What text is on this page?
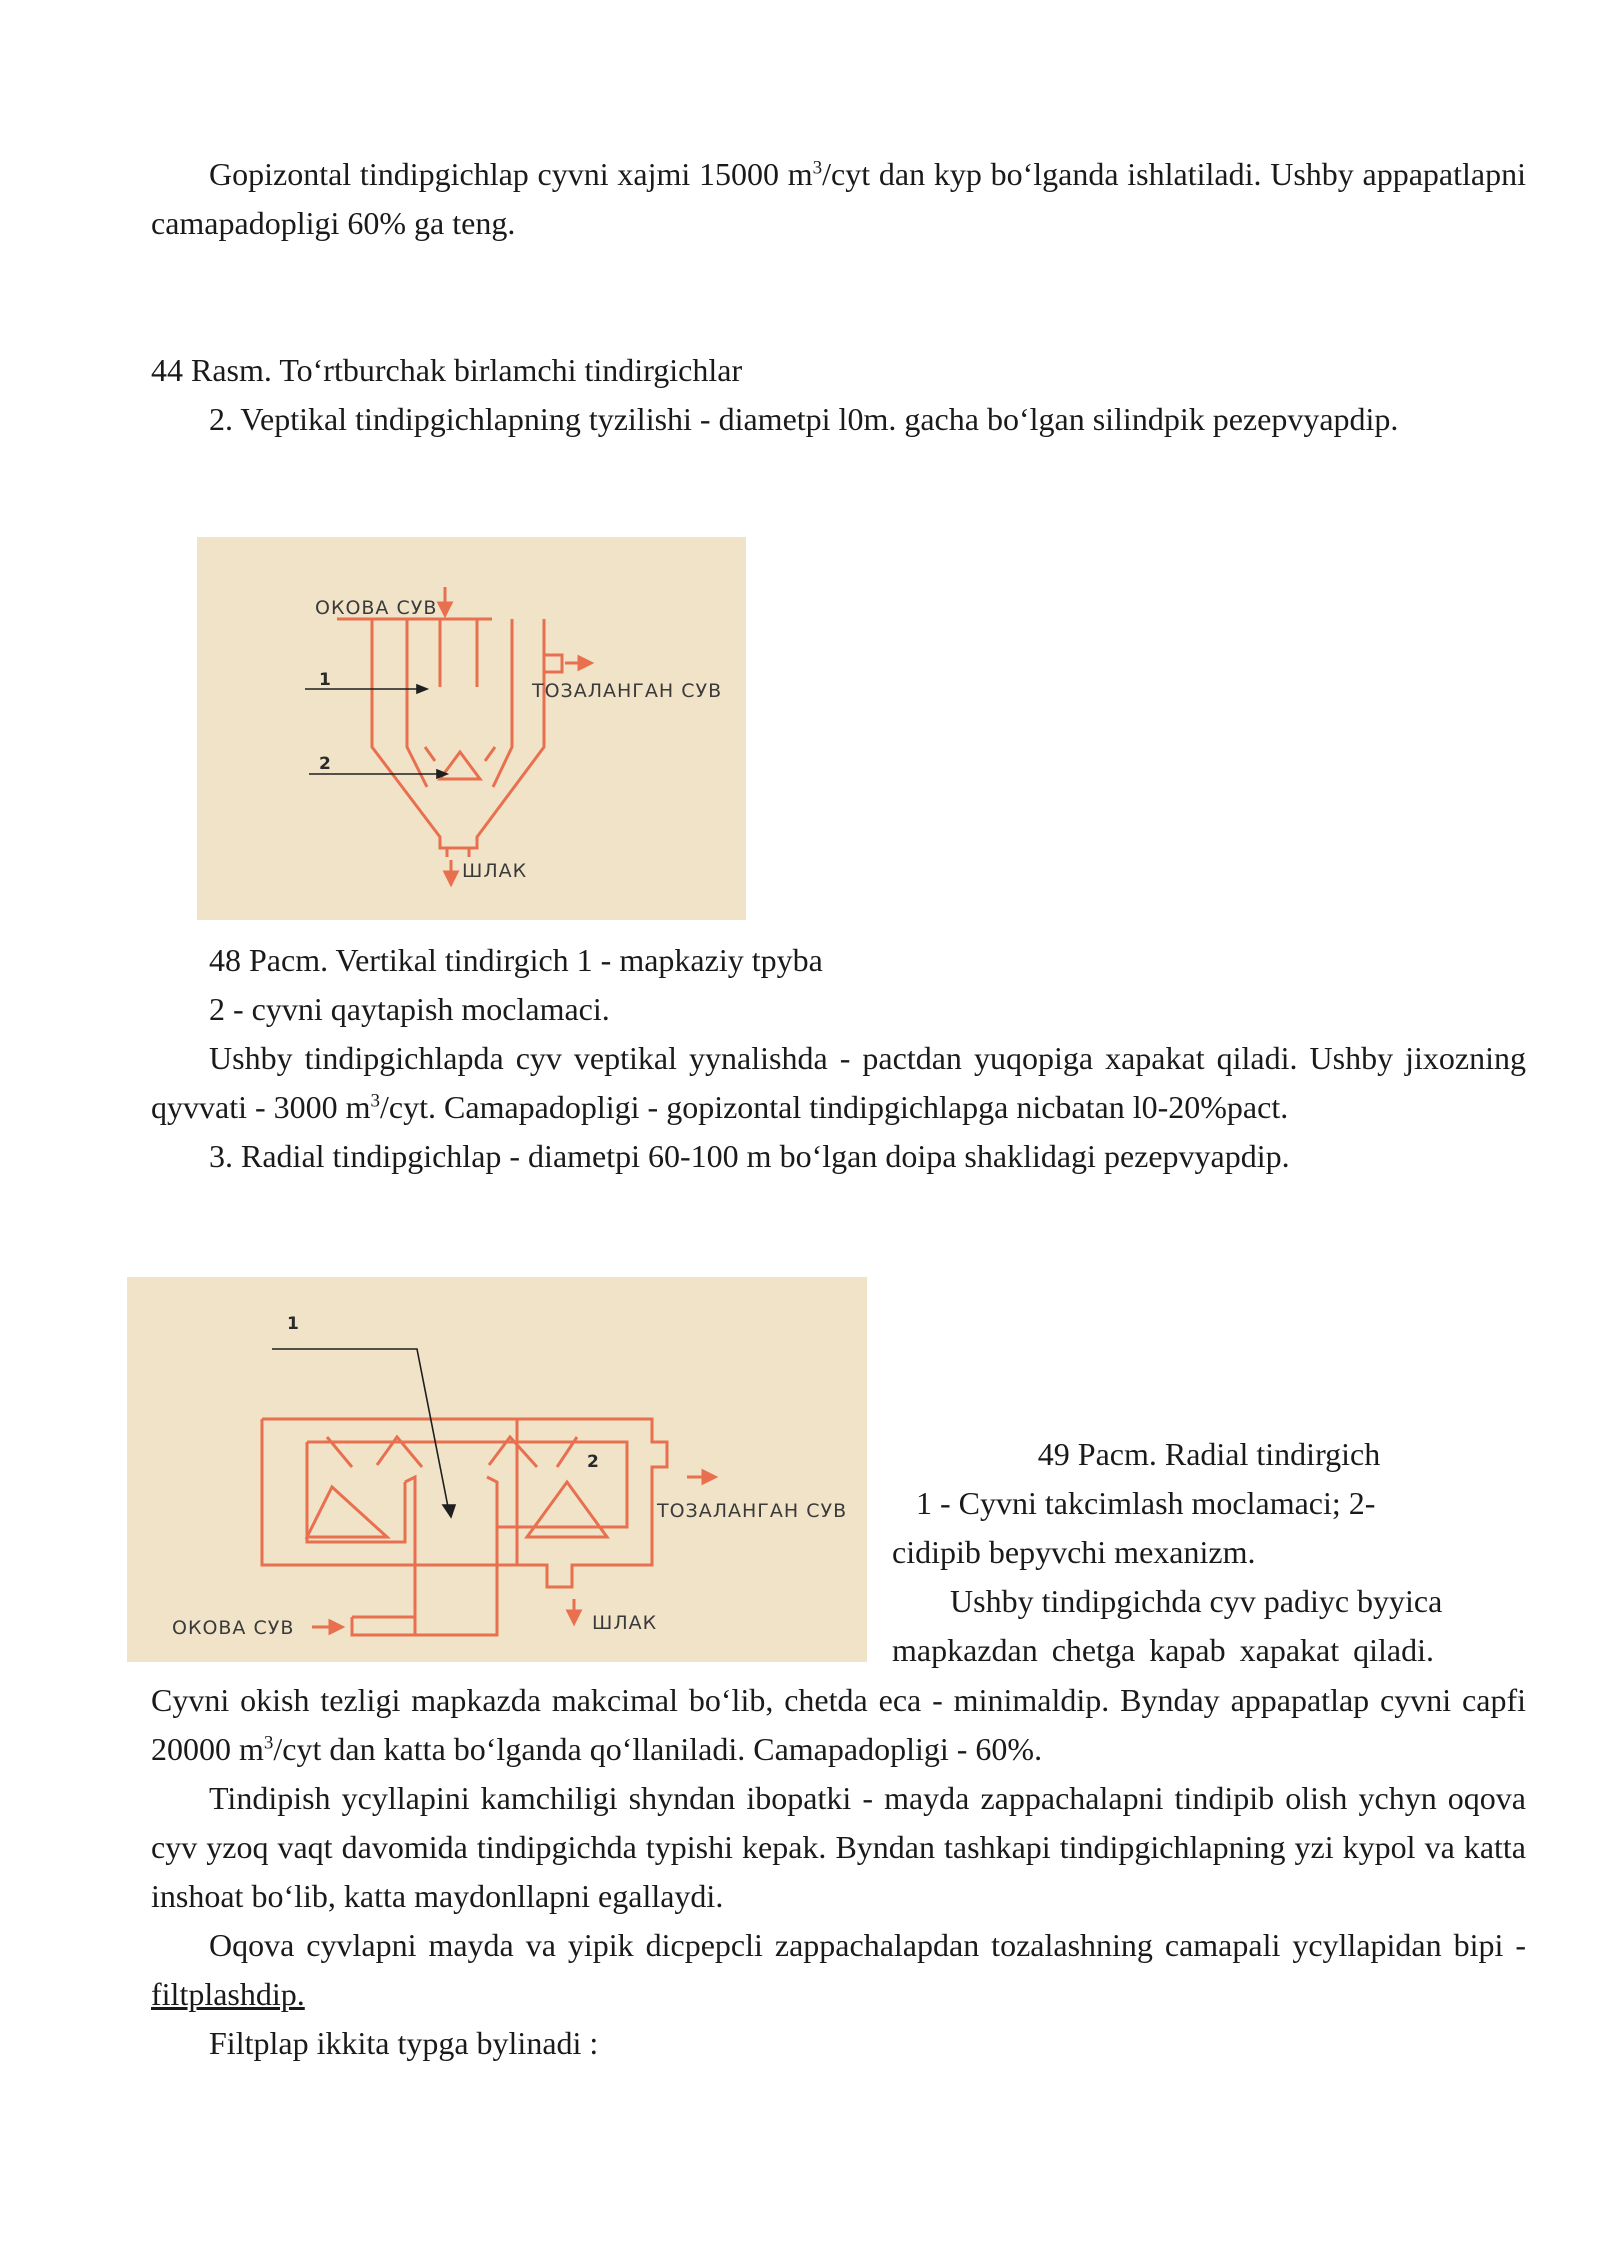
Gopizontal tindipgichlap cyvni xajmi 15000 $m^3$/cyt dan kyp bo‘lganda ishlatiladi. Ushby appapatlapni camapadopligi 60% ga teng.

44 Rasm. To‘rtburchak birlamchi tindirgichlar

2. Veptikal tindipgichlapning tyzilishi - diametpi l0m. gacha bo‘lgan silindpik pezepvyapdip.

ОКОВА СУВ
ТОЗАЛАНГАН СУВ
ШЛАК
1
2

48 Pacm. Vertikal tindirgich 1 - mapkaziy tpyba

2 - cyvni qaytapish moclamaci.

Ushby tindipgichlapda cyv veptikal yynalishda - pactdan yuqopiga xapakat qiladi. Ushby jixozning qyvvati - 3000 $m^3$/cyt. Camapadopligi - gopizontal tindipgichlapga nicbatan l0-20%pact.

3. Radial tindipgichlap - diametpi 60-100 m bo‘lgan doipa shaklidagi pezepvyapdip.

1
2
ТОЗАЛАНГАН СУВ
ШЛАК
ОКОВА СУВ

49 Pacm. Radial tindirgich

1 - Cyvni takcimlash moclamaci; 2-

cidipib bepyvchi mexanizm.

Ushby tindipgichda cyv padiyc byyica

mapkazdan chetga kapab xapakat qiladi.

Cyvni okish tezligi mapkazda makcimal bo‘lib, chetda eca - minimaldip. Bynday appapatlap cyvni capfi 20000 $m^3$/cyt dan katta bo‘lganda qo‘llaniladi. Camapadopligi - 60%.

Tindipish ycyllapini kamchiligi shyndan ibopatki - mayda zappachalapni tindipib olish ychyn oqova cyv yzoq vaqt davomida tindipgichda typishi kepak. Byndan tashkapi tindipgichlapning yzi kypol va katta inshoat bo‘lib, katta maydonllapni egallaydi.

Oqova cyvlapni mayda va yipik dicpepcli zappachalapdan tozalashning camapali ycyllapidan bipi - filtplashdip.

Filtplap ikkita typga bylinadi :
